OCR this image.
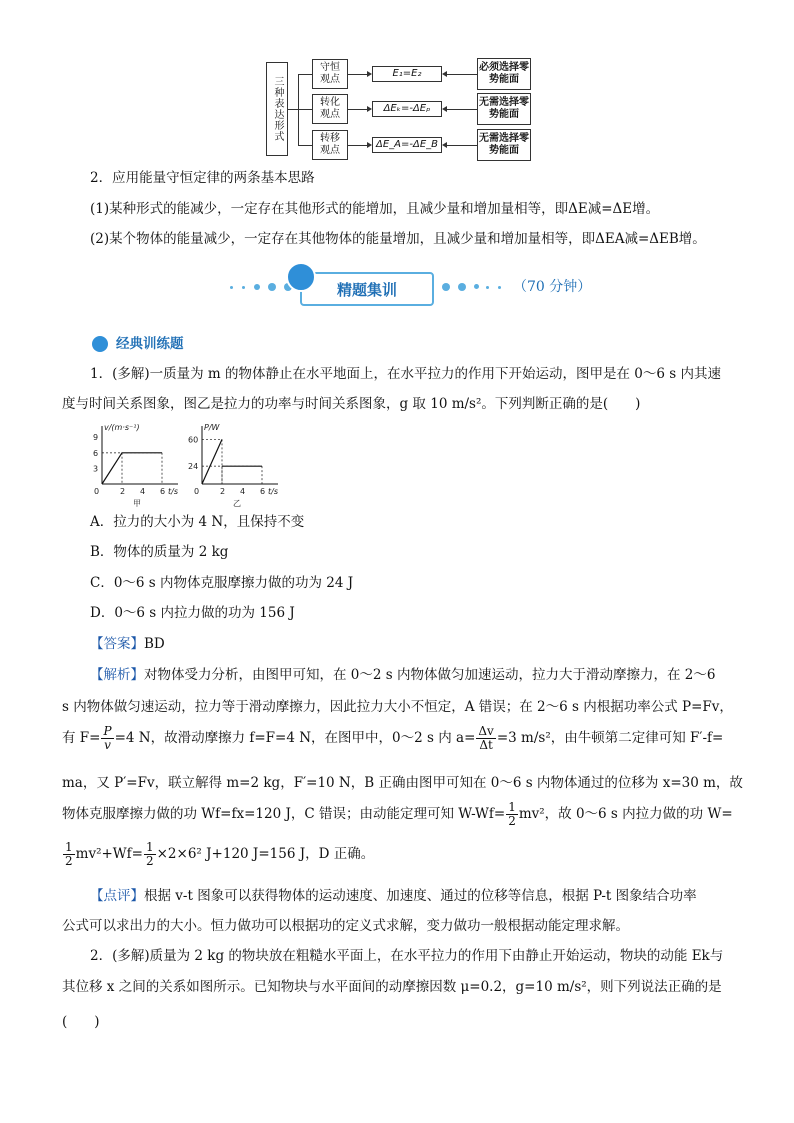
三种表达形式
守恒观点
E₁=E₂
必须选择零势能面
转化观点
ΔEₖ=-ΔEₚ
无需选择零势能面
转移观点
ΔE_A=-ΔE_B
无需选择零势能面
2．应用能量守恒定律的两条基本思路
(1)某种形式的能减少，一定存在其他形式的能增加，且减少量和增加量相等，即ΔE减=ΔE增。
(2)某个物体的能量减少，一定存在其他物体的能量增加，且减少量和增加量相等，即ΔEA减=ΔEB增。
精题集训	（70 分钟）
经典训练题
1．(多解)一质量为 m 的物体静止在水平地面上，在水平拉力的作用下开始运动，图甲是在 0～6 s 内其速
度与时间关系图象，图乙是拉力的功率与时间关系图象，g 取 10 m/s²。下列判断正确的是(　　)
v/(m·s⁻¹)
t/s
0	2 4 6
3
6
9
甲
P/W
t/s
0	2 4 6
24
60
乙
A．拉力的大小为 4 N，且保持不变
B．物体的质量为 2 kg
C．0～6 s 内物体克服摩擦力做的功为 24 J
D．0～6 s 内拉力做的功为 156 J
【答案】BD
【解析】对物体受力分析，由图甲可知，在 0～2 s 内物体做匀加速运动，拉力大于滑动摩擦力，在 2～6
s 内物体做匀速运动，拉力等于滑动摩擦力，因此拉力大小不恒定，A 错误；在 2～6 s 内根据功率公式 P=Fv，
有 $F= \frac{P}{v} =4$ N，故滑动摩擦力 f=F=4 N，在图甲中，0～2 s 内 $a= \frac{\Delta v}{\Delta t} =3$ m/s²，由牛顿第二定律可知 F′-f=
ma，又 P′=Fv，联立解得 m=2 kg，F′=10 N，B 正确由图甲可知在 0～6 s 内物体通过的位移为 x=30 m，故
物体克服摩擦力做的功 Wf=fx=120 J，C 错误；由动能定理可知 $W-Wf= \frac{1}{2} mv^2$，故 0～6 s 内拉力做的功 W=
$\frac{1}{2} mv^2+Wf= \frac{1}{2} \times 2\times 6^2$ J+120 J=156 J，D 正确。
【点评】根据 v-t 图象可以获得物体的运动速度、加速度、通过的位移等信息，根据 P-t 图象结合功率
公式可以求出力的大小。恒力做功可以根据功的定义式求解，变力做功一般根据动能定理求解。
2．(多解)质量为 2 kg 的物块放在粗糙水平面上，在水平拉力的作用下由静止开始运动，物块的动能 Ek与
其位移 x 之间的关系如图所示。已知物块与水平面间的动摩擦因数 μ=0.2，g=10 m/s²，则下列说法正确的是
(　　)
